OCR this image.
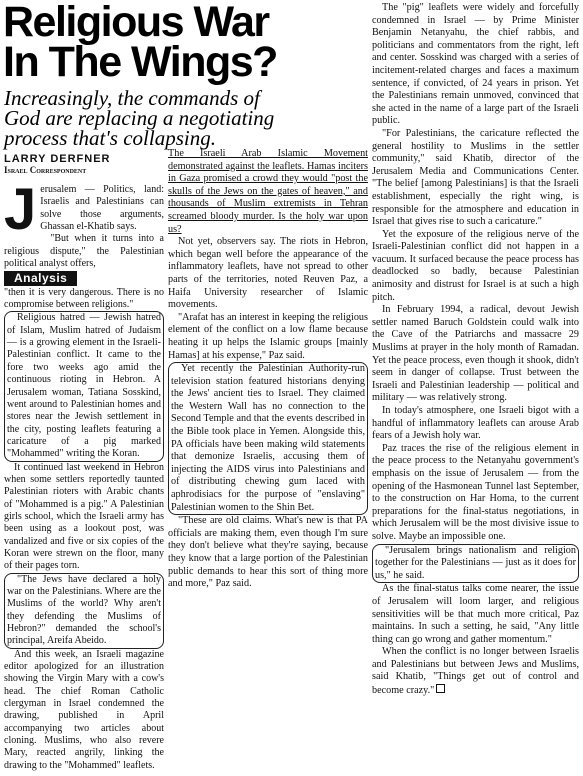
Religious War
In The Wings?
Increasingly, the commands of God are replacing a negotiating process that's collapsing.
LARRY DERFNER
Israel Correspondent

Jerusalem — Politics, land: Israelis and Palestinians can solve those arguments, Ghassan el-Khatib says.

"But when it turns into a religious dispute," the Palestinian political analyst offers,

Analysis

"then it is very dangerous. There is no compromise between religions."

Religious hatred — Jewish hatred of Islam, Muslim hatred of Judaism — is a growing element in the Israeli-Palestinian conflict. It came to the fore two weeks ago amid the continuous rioting in Hebron. A Jerusalem woman, Tatiana Sosskind, went around to Palestinian homes and stores near the Jewish settlement in the city, posting leaflets featuring a caricature of a pig marked "Mohammed" writing the Koran.

It continued last weekend in Hebron when some settlers reportedly taunted Palestinian rioters with Arabic chants of "Mohammed is a pig." A Palestinian girls school, which the Israeli army has been using as a lookout post, was vandalized and five or six copies of the Koran were strewn on the floor, many of their pages torn.

"The Jews have declared a holy war on the Palestinians. Where are the Muslims of the world? Why aren't they defending the Muslims of Hebron?" demanded the school's principal, Areifa Abeido.

And this week, an Israeli magazine editor apologized for an illustration showing the Virgin Mary with a cow's head. The chief Roman Catholic clergyman in Israel condemned the drawing, published in April accompanying two articles about cloning. Muslims, who also revere Mary, reacted angrily, linking the drawing to the "Mohammed" leaflets.

The Israeli Arab Islamic Movement demonstrated against the leaflets. Hamas inciters in Gaza promised a crowd they would "post the skulls of the Jews on the gates of heaven," and thousands of Muslim extremists in Tehran screamed bloody murder. Is the holy war upon us?

Not yet, observers say. The riots in Hebron, which began well before the appearance of the inflammatory leaflets, have not spread to other parts of the territories, noted Reuven Paz, a Haifa University researcher of Islamic movements.

"Arafat has an interest in keeping the religious element of the conflict on a low flame because heating it up helps the Islamic groups [mainly Hamas] at his expense," Paz said.

Yet recently the Palestinian Authority-run television station featured historians denying the Jews' ancient ties to Israel. They claimed the Western Wall has no connection to the Second Temple and that the events described in the Bible took place in Yemen. Alongside this, PA officials have been making wild statements that demonize Israelis, accusing them of injecting the AIDS virus into Palestinians and of distributing chewing gum laced with aphrodisiacs for the purpose of "enslaving" Palestinian women to the Shin Bet.

"These are old claims. What's new is that PA officials are making them, even though I'm sure they don't believe what they're saying, because they know that a large portion of the Palestinian public demands to hear this sort of thing more and more," Paz said.

The "pig" leaflets were widely and forcefully condemned in Israel — by Prime Minister Benjamin Netanyahu, the chief rabbis, and politicians and commentators from the right, left and center. Sosskind was charged with a series of incitement-related charges and faces a maximum sentence, if convicted, of 24 years in prison. Yet the Palestinians remain unmoved, convinced that she acted in the name of a large part of the Israeli public.

"For Palestinians, the caricature reflected the general hostility to Muslims in the settler community," said Khatib, director of the Jerusalem Media and Communications Center. "The belief [among Palestinians] is that the Israeli establishment, especially the right wing, is responsible for the atmosphere and education in Israel that gives rise to such a caricature."

Yet the exposure of the religious nerve of the Israeli-Palestinian conflict did not happen in a vacuum. It surfaced because the peace process has deadlocked so badly, because Palestinian animosity and distrust for Israel is at such a high pitch.

In February 1994, a radical, devout Jewish settler named Baruch Goldstein could walk into the Cave of the Patriarchs and massacre 29 Muslims at prayer in the holy month of Ramadan. Yet the peace process, even though it shook, didn't seem in danger of collapse. Trust between the Israeli and Palestinian leadership — political and military — was relatively strong.

In today's atmosphere, one Israeli bigot with a handful of inflammatory leaflets can arouse Arab fears of a Jewish holy war.

Paz traces the rise of the religious element in the peace process to the Netanyahu government's emphasis on the issue of Jerusalem — from the opening of the Hasmonean Tunnel last September, to the construction on Har Homa, to the current preparations for the final-status negotiations, in which Jerusalem will be the most divisive issue to solve. Maybe an impossible one.

"Jerusalem brings nationalism and religion together for the Palestinians — just as it does for us," he said.

As the final-status talks come nearer, the issue of Jerusalem will loom larger, and religious sensitivities will be that much more critical, Paz maintains. In such a setting, he said, "Any little thing can go wrong and gather momentum."

When the conflict is no longer between Israelis and Palestinians but between Jews and Muslims, said Khatib, "Things get out of control and become crazy."
